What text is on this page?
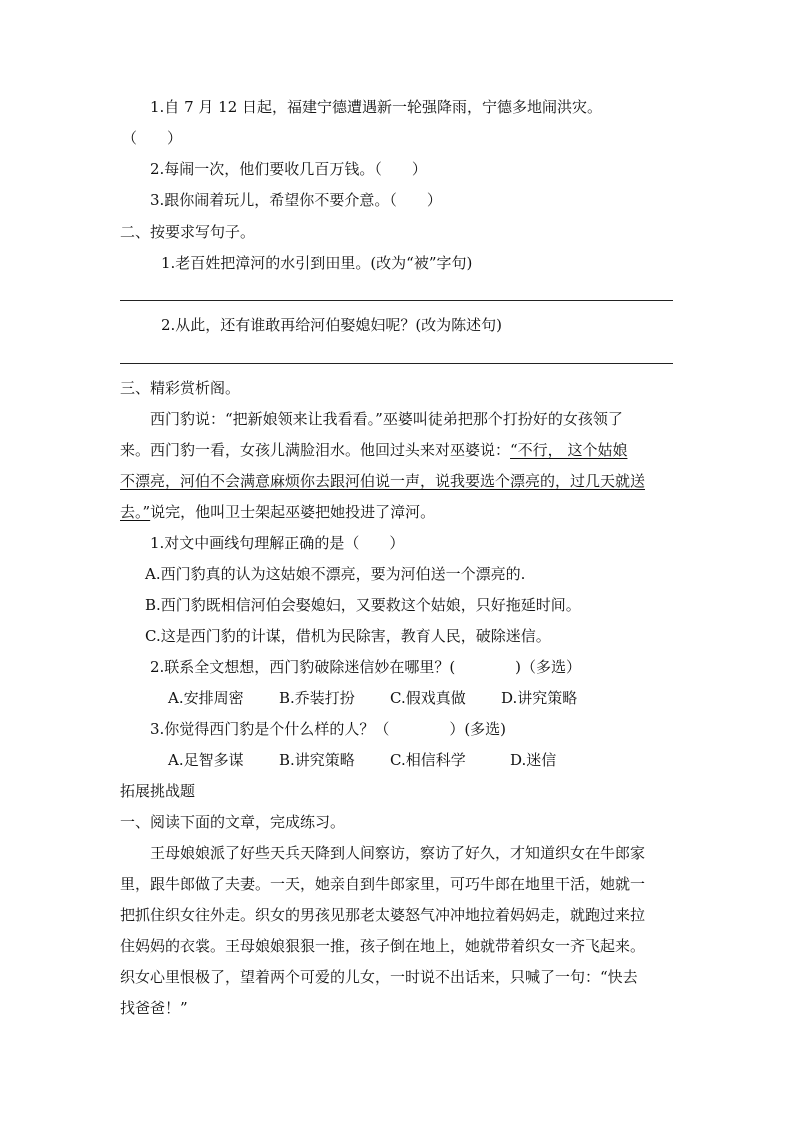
1.自 7 月 12 日起，福建宁德遭遇新一轮强降雨，宁德多地闹洪灾。
（　　）
2.每闹一次，他们要收几百万钱。（　　）
3.跟你闹着玩儿，希望你不要介意。（　　）
二、按要求写句子。
1.老百姓把漳河的水引到田里。(改为“被”字句)
2.从此，还有谁敢再给河伯娶媳妇呢？(改为陈述句)
三、精彩赏析阁。
西门豹说：“把新娘领来让我看看。”巫婆叫徒弟把那个打扮好的女孩领了
来。西门豹一看，女孩儿满脸泪水。他回过头来对巫婆说：“不行， 这个姑娘
不漂亮，河伯不会满意麻烦你去跟河伯说一声，说我要选个漂亮的，过几天就送
去。”说完，他叫卫士架起巫婆把她投进了漳河。
1.对文中画线句理解正确的是（　　）
A.西门豹真的认为这姑娘不漂亮，要为河伯送一个漂亮的.
B.西门豹既相信河伯会娶媳妇，又要救这个姑娘，只好拖延时间。
C.这是西门豹的计谋，借机为民除害，教育人民，破除迷信。
2.联系全文想想，西门豹破除迷信妙在哪里？(　　　　)（多选）
A.安排周密 B.乔装打扮 C.假戏真做 D.讲究策略
3.你觉得西门豹是个什么样的人？（　　　　）(多选)
A.足智多谋 B.讲究策略 C.相信科学	D.迷信
拓展挑战题
一、阅读下面的文章，完成练习。
王母娘娘派了好些天兵天降到人间察访，察访了好久，才知道织女在牛郎家
里，跟牛郎做了夫妻。一天，她亲自到牛郎家里，可巧牛郎在地里干活，她就一
把抓住织女往外走。织女的男孩见那老太婆怒气冲冲地拉着妈妈走，就跑过来拉
住妈妈的衣裳。王母娘娘狠狠一推，孩子倒在地上，她就带着织女一齐飞起来。
织女心里恨极了，望着两个可爱的儿女，一时说不出话来，只喊了一句：“快去
找爸爸！”
